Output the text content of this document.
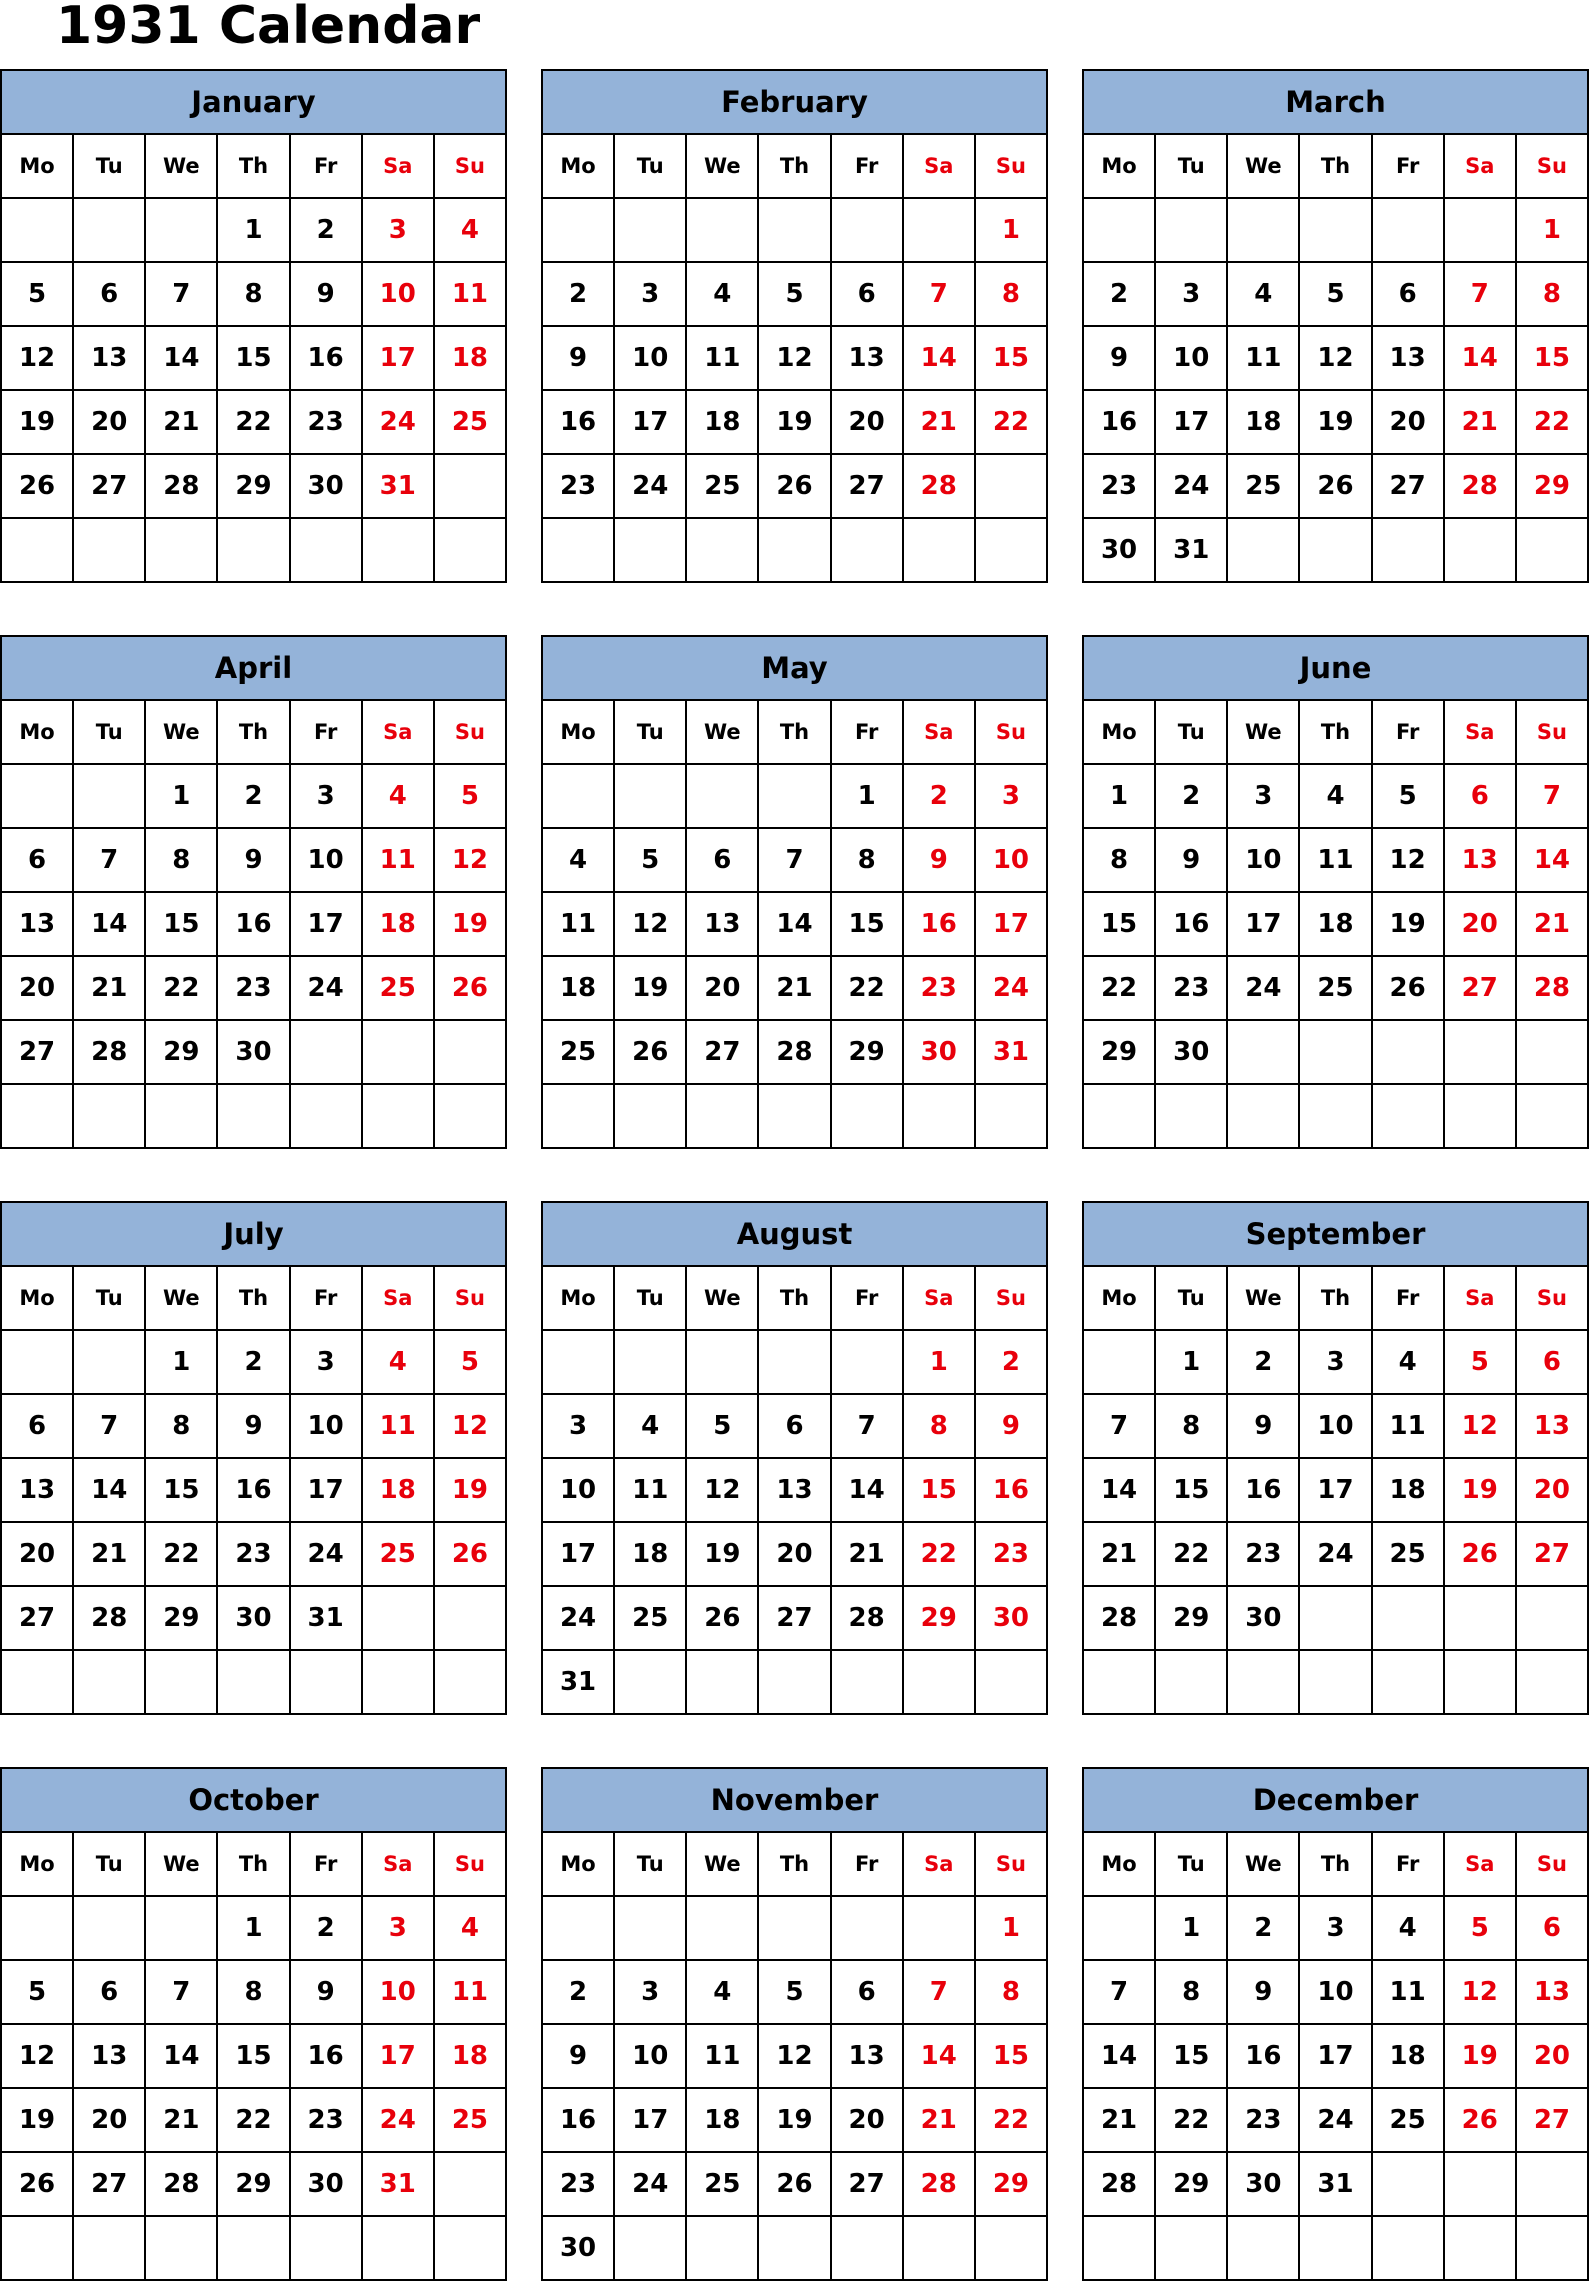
1931 Calendar
January						
Mo	Tu	We	Th	Fr	Sa	Su
			1	2	3	4
5	6	7	8	9	10	11
12	13	14	15	16	17	18
19	20	21	22	23	24	25
26	27	28	29	30	31	

February						
Mo	Tu	We	Th	Fr	Sa	Su
						1
2	3	4	5	6	7	8
9	10	11	12	13	14	15
16	17	18	19	20	21	22
23	24	25	26	27	28	

March						
Mo	Tu	We	Th	Fr	Sa	Su
						1
2	3	4	5	6	7	8
9	10	11	12	13	14	15
16	17	18	19	20	21	22
23	24	25	26	27	28	29
30	31					
April						
Mo	Tu	We	Th	Fr	Sa	Su
		1	2	3	4	5
6	7	8	9	10	11	12
13	14	15	16	17	18	19
20	21	22	23	24	25	26
27	28	29	30			

May						
Mo	Tu	We	Th	Fr	Sa	Su
				1	2	3
4	5	6	7	8	9	10
11	12	13	14	15	16	17
18	19	20	21	22	23	24
25	26	27	28	29	30	31

June						
Mo	Tu	We	Th	Fr	Sa	Su
1	2	3	4	5	6	7
8	9	10	11	12	13	14
15	16	17	18	19	20	21
22	23	24	25	26	27	28
29	30					

July						
Mo	Tu	We	Th	Fr	Sa	Su
		1	2	3	4	5
6	7	8	9	10	11	12
13	14	15	16	17	18	19
20	21	22	23	24	25	26
27	28	29	30	31		

August						
Mo	Tu	We	Th	Fr	Sa	Su
					1	2
3	4	5	6	7	8	9
10	11	12	13	14	15	16
17	18	19	20	21	22	23
24	25	26	27	28	29	30
31						
September						
Mo	Tu	We	Th	Fr	Sa	Su
	1	2	3	4	5	6
7	8	9	10	11	12	13
14	15	16	17	18	19	20
21	22	23	24	25	26	27
28	29	30				

October						
Mo	Tu	We	Th	Fr	Sa	Su
			1	2	3	4
5	6	7	8	9	10	11
12	13	14	15	16	17	18
19	20	21	22	23	24	25
26	27	28	29	30	31	

November						
Mo	Tu	We	Th	Fr	Sa	Su
						1
2	3	4	5	6	7	8
9	10	11	12	13	14	15
16	17	18	19	20	21	22
23	24	25	26	27	28	29
30						
December						
Mo	Tu	We	Th	Fr	Sa	Su
	1	2	3	4	5	6
7	8	9	10	11	12	13
14	15	16	17	18	19	20
21	22	23	24	25	26	27
28	29	30	31			
